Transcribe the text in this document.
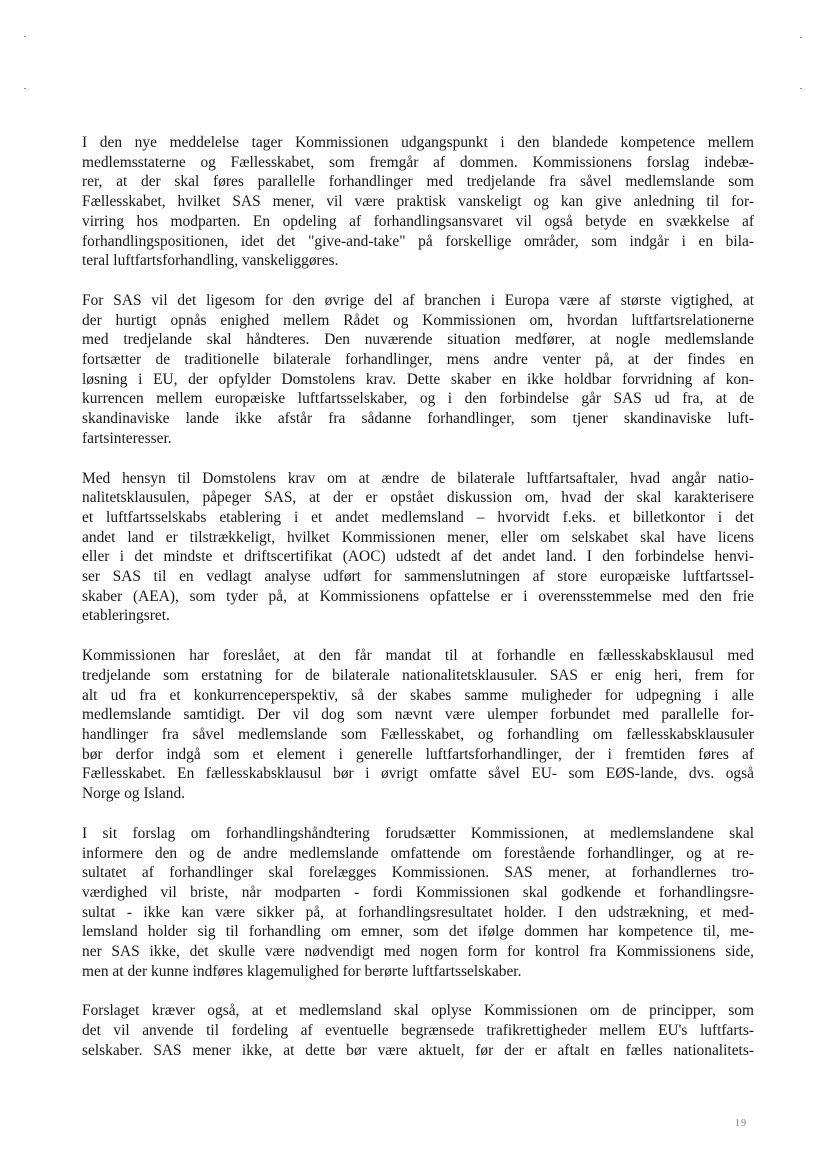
I den nye meddelelse tager Kommissionen udgangspunkt i den blandede kompetence mellem
medlemsstaterne og Fællesskabet, som fremgår af dommen. Kommissionens forslag indebæ-
rer, at der skal føres parallelle forhandlinger med tredjelande fra såvel medlemslande som
Fællesskabet, hvilket SAS mener, vil være praktisk vanskeligt og kan give anledning til for-
virring hos modparten. En opdeling af forhandlingsansvaret vil også betyde en svækkelse af
forhandlingspositionen, idet det "give-and-take" på forskellige områder, som indgår i en bila-
teral luftfartsforhandling, vanskeliggøres.

For SAS vil det ligesom for den øvrige del af branchen i Europa være af største vigtighed, at
der hurtigt opnås enighed mellem Rådet og Kommissionen om, hvordan luftfartsrelationerne
med tredjelande skal håndteres. Den nuværende situation medfører, at nogle medlemslande
fortsætter de traditionelle bilaterale forhandlinger, mens andre venter på, at der findes en
løsning i EU, der opfylder Domstolens krav. Dette skaber en ikke holdbar forvridning af kon-
kurrencen mellem europæiske luftfartsselskaber, og i den forbindelse går SAS ud fra, at de
skandinaviske lande ikke afstår fra sådanne forhandlinger, som tjener skandinaviske luft-
fartsinteresser.

Med hensyn til Domstolens krav om at ændre de bilaterale luftfartsaftaler, hvad angår natio-
nalitetsklausulen, påpeger SAS, at der er opstået diskussion om, hvad der skal karakterisere
et luftfartsselskabs etablering i et andet medlemsland – hvorvidt f.eks. et billetkontor i det
andet land er tilstrækkeligt, hvilket Kommissionen mener, eller om selskabet skal have licens
eller i det mindste et driftscertifikat (AOC) udstedt af det andet land. I den forbindelse henvi-
ser SAS til en vedlagt analyse udført for sammenslutningen af store europæiske luftfartssel-
skaber (AEA), som tyder på, at Kommissionens opfattelse er i overensstemmelse med den frie
etableringsret.

Kommissionen har foreslået, at den får mandat til at forhandle en fællesskabsklausul med
tredjelande som erstatning for de bilaterale nationalitetsklausuler. SAS er enig heri, frem for
alt ud fra et konkurrenceperspektiv, så der skabes samme muligheder for udpegning i alle
medlemslande samtidigt. Der vil dog som nævnt være ulemper forbundet med parallelle for-
handlinger fra såvel medlemslande som Fællesskabet, og forhandling om fællesskabsklausuler
bør derfor indgå som et element i generelle luftfartsforhandlinger, der i fremtiden føres af
Fællesskabet. En fællesskabsklausul bør i øvrigt omfatte såvel EU- som EØS-lande, dvs. også
Norge og Island.

I sit forslag om forhandlingshåndtering forudsætter Kommissionen, at medlemslandene skal
informere den og de andre medlemslande omfattende om forestående forhandlinger, og at re-
sultatet af forhandlinger skal forelægges Kommissionen. SAS mener, at forhandlernes tro-
værdighed vil briste, når modparten - fordi Kommissionen skal godkende et forhandlingsre-
sultat - ikke kan være sikker på, at forhandlingsresultatet holder. I den udstrækning, et med-
lemsland holder sig til forhandling om emner, som det ifølge dommen har kompetence til, me-
ner SAS ikke, det skulle være nødvendigt med nogen form for kontrol fra Kommissionens side,
men at der kunne indføres klagemulighed for berørte luftfartsselskaber.

Forslaget kræver også, at et medlemsland skal oplyse Kommissionen om de principper, som
det vil anvende til fordeling af eventuelle begrænsede trafikrettigheder mellem EU's luftfarts-
selskaber. SAS mener ikke, at dette bør være aktuelt, før der er aftalt en fælles nationalitets-

19
